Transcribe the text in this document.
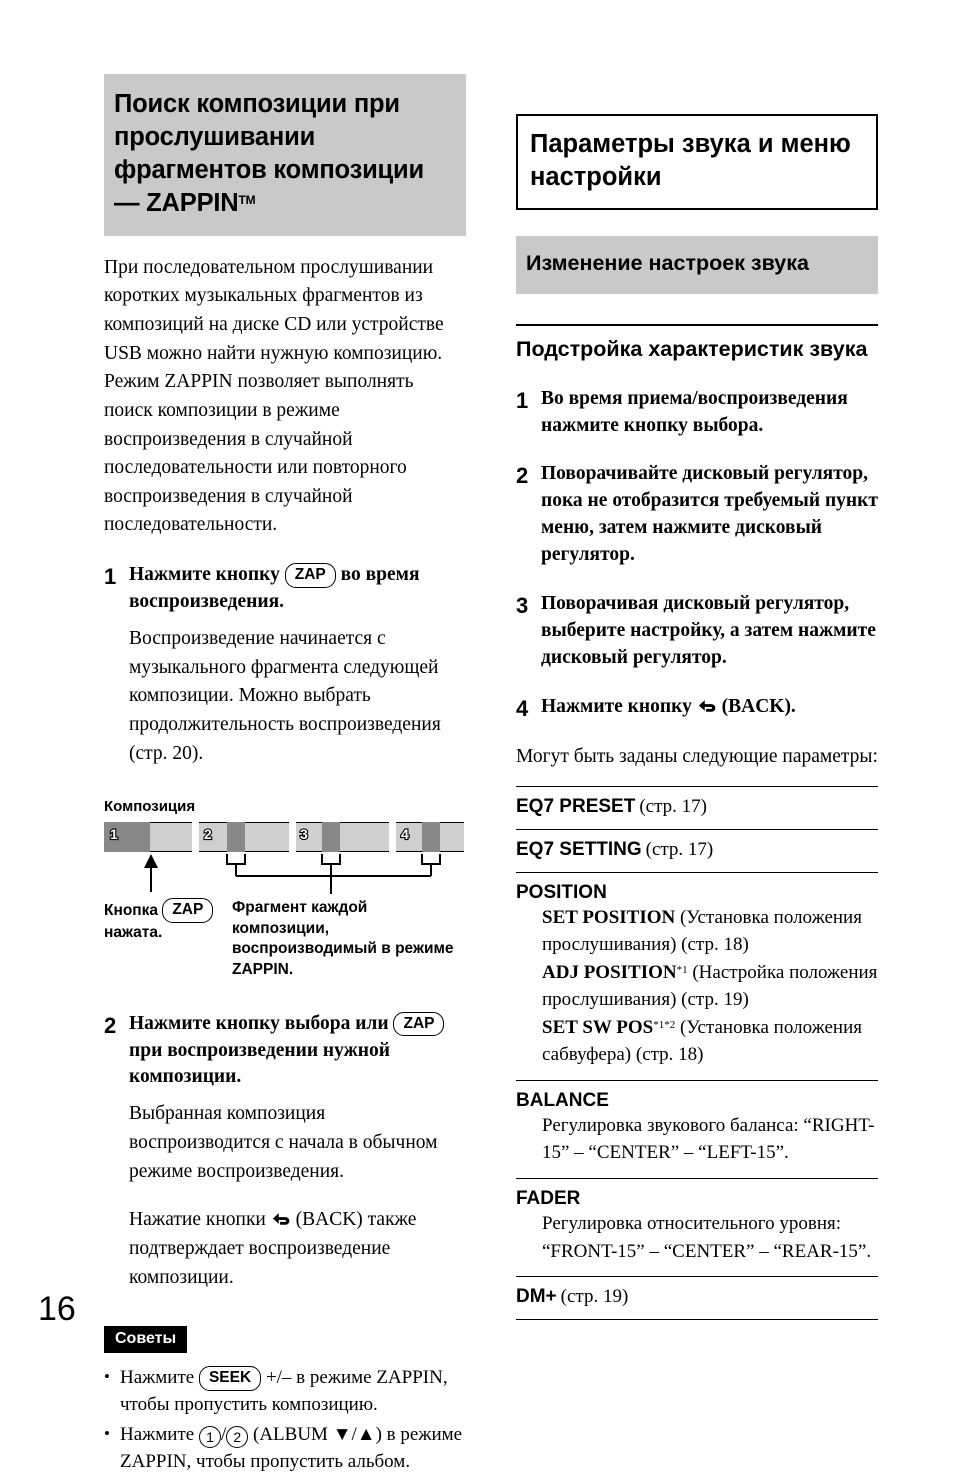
Поиск композиции при прослушивании фрагментов композиции — ZAPPIN™
При последовательном прослушивании коротких музыкальных фрагментов из композиций на диске CD или устройстве USB можно найти нужную композицию. Режим ZAPPIN позволяет выполнять поиск композиции в режиме воспроизведения в случайной последовательности или повторного воспроизведения в случайной последовательности.
1 Нажмите кнопку ZAP во время воспроизведения.
Воспроизведение начинается с музыкального фрагмента следующей композиции. Можно выбрать продолжительность воспроизведения (стр. 20).
Композиция
1	2	3	4
Кнопка ZAP
нажата.
Фрагмент каждой композиции, воспроизводимый в режиме ZAPPIN.
2 Нажмите кнопку выбора или ZAP при воспроизведении нужной композиции.
Выбранная композиция воспроизводится с начала в обычном режиме воспроизведения.
Нажатие кнопки (BACK) также подтверждает воспроизведение композиции.
Советы
• Нажмите SEEK +/– в режиме ZAPPIN, чтобы пропустить композицию.
• Нажмите 1 / 2 (ALBUM ▼/▲) в режиме ZAPPIN, чтобы пропустить альбом.
Параметры звука и меню настройки
Изменение настроек звука
Подстройка характеристик звука
1 Во время приема/воспроизведения нажмите кнопку выбора.
2 Поворачивайте дисковый регулятор, пока не отобразится требуемый пункт меню, затем нажмите дисковый регулятор.
3 Поворачивая дисковый регулятор, выберите настройку, а затем нажмите дисковый регулятор.
4 Нажмите кнопку (BACK).
Могут быть заданы следующие параметры:
EQ7 PRESET (стр. 17)
EQ7 SETTING (стр. 17)
POSITION
SET POSITION (Установка положения прослушивания) (стр. 18)
ADJ POSITION$^{*1}$ (Настройка положения прослушивания) (стр. 19)
SET SW $POS^{*1*2}$ (Установка положения сабвуфера) (стр. 18)
BALANCE
Регулировка звукового баланса: “RIGHT-15” – “CENTER” – “LEFT-15”.
FADER
Регулировка относительного уровня: “FRONT-15” – “CENTER” – “REAR-15”.
DM+ (стр. 19)
16
